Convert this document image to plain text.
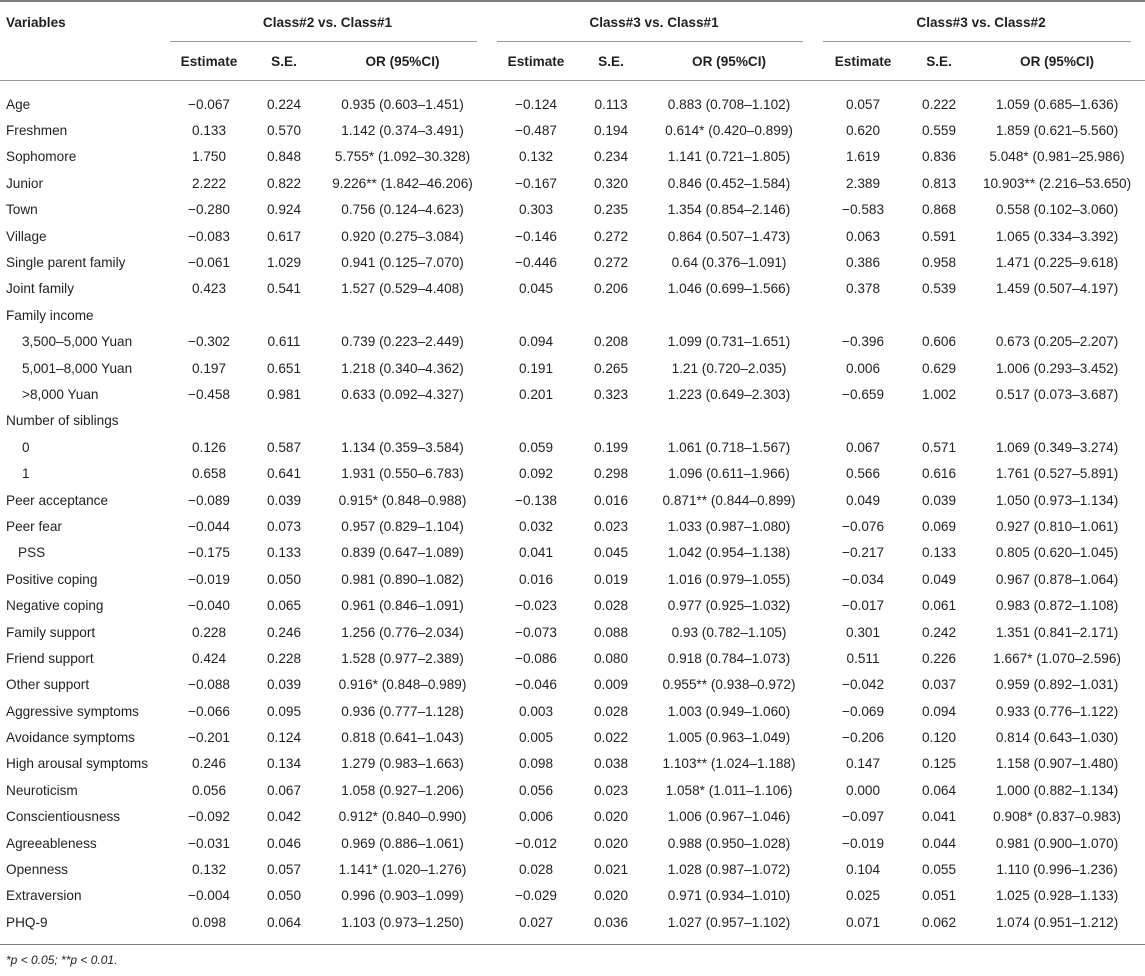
Variables	Class#2 vs. Class#1			Class#3 vs. Class#1			Class#3 vs. Class#2		

	Estimate	S.E.	OR (95%CI)	Estimate	S.E.	OR (95%CI)	Estimate	S.E.	OR (95%CI)

Age	−0.067	0.224	0.935 (0.603–1.451)	−0.124	0.113	0.883 (0.708–1.102)	0.057	0.222	1.059 (0.685–1.636)
Freshmen	0.133	0.570	1.142 (0.374–3.491)	−0.487	0.194	0.614* (0.420–0.899)	0.620	0.559	1.859 (0.621–5.560)
Sophomore	1.750	0.848	5.755* (1.092–30.328)	0.132	0.234	1.141 (0.721–1.805)	1.619	0.836	5.048* (0.981–25.986)
Junior	2.222	0.822	9.226** (1.842–46.206)	−0.167	0.320	0.846 (0.452–1.584)	2.389	0.813	10.903** (2.216–53.650)
Town	−0.280	0.924	0.756 (0.124–4.623)	0.303	0.235	1.354 (0.854–2.146)	−0.583	0.868	0.558 (0.102–3.060)
Village	−0.083	0.617	0.920 (0.275–3.084)	−0.146	0.272	0.864 (0.507–1.473)	0.063	0.591	1.065 (0.334–3.392)
Single parent family	−0.061	1.029	0.941 (0.125–7.070)	−0.446	0.272	0.64 (0.376–1.091)	0.386	0.958	1.471 (0.225–9.618)
Joint family	0.423	0.541	1.527 (0.529–4.408)	0.045	0.206	1.046 (0.699–1.566)	0.378	0.539	1.459 (0.507–4.197)
Family income									
3,500–5,000 Yuan	−0.302	0.611	0.739 (0.223–2.449)	0.094	0.208	1.099 (0.731–1.651)	−0.396	0.606	0.673 (0.205–2.207)
5,001–8,000 Yuan	0.197	0.651	1.218 (0.340–4.362)	0.191	0.265	1.21 (0.720–2.035)	0.006	0.629	1.006 (0.293–3.452)
>8,000 Yuan	−0.458	0.981	0.633 (0.092–4.327)	0.201	0.323	1.223 (0.649–2.303)	−0.659	1.002	0.517 (0.073–3.687)
Number of siblings									
0	0.126	0.587	1.134 (0.359–3.584)	0.059	0.199	1.061 (0.718–1.567)	0.067	0.571	1.069 (0.349–3.274)
1	0.658	0.641	1.931 (0.550–6.783)	0.092	0.298	1.096 (0.611–1.966)	0.566	0.616	1.761 (0.527–5.891)
Peer acceptance	−0.089	0.039	0.915* (0.848–0.988)	−0.138	0.016	0.871** (0.844–0.899)	0.049	0.039	1.050 (0.973–1.134)
Peer fear	−0.044	0.073	0.957 (0.829–1.104)	0.032	0.023	1.033 (0.987–1.080)	−0.076	0.069	0.927 (0.810–1.061)
PSS	−0.175	0.133	0.839 (0.647–1.089)	0.041	0.045	1.042 (0.954–1.138)	−0.217	0.133	0.805 (0.620–1.045)
Positive coping	−0.019	0.050	0.981 (0.890–1.082)	0.016	0.019	1.016 (0.979–1.055)	−0.034	0.049	0.967 (0.878–1.064)
Negative coping	−0.040	0.065	0.961 (0.846–1.091)	−0.023	0.028	0.977 (0.925–1.032)	−0.017	0.061	0.983 (0.872–1.108)
Family support	0.228	0.246	1.256 (0.776–2.034)	−0.073	0.088	0.93 (0.782–1.105)	0.301	0.242	1.351 (0.841–2.171)
Friend support	0.424	0.228	1.528 (0.977–2.389)	−0.086	0.080	0.918 (0.784–1.073)	0.511	0.226	1.667* (1.070–2.596)
Other support	−0.088	0.039	0.916* (0.848–0.989)	−0.046	0.009	0.955** (0.938–0.972)	−0.042	0.037	0.959 (0.892–1.031)
Aggressive symptoms	−0.066	0.095	0.936 (0.777–1.128)	0.003	0.028	1.003 (0.949–1.060)	−0.069	0.094	0.933 (0.776–1.122)
Avoidance symptoms	−0.201	0.124	0.818 (0.641–1.043)	0.005	0.022	1.005 (0.963–1.049)	−0.206	0.120	0.814 (0.643–1.030)
High arousal symptoms	0.246	0.134	1.279 (0.983–1.663)	0.098	0.038	1.103** (1.024–1.188)	0.147	0.125	1.158 (0.907–1.480)
Neuroticism	0.056	0.067	1.058 (0.927–1.206)	0.056	0.023	1.058* (1.011–1.106)	0.000	0.064	1.000 (0.882–1.134)
Conscientiousness	−0.092	0.042	0.912* (0.840–0.990)	0.006	0.020	1.006 (0.967–1.046)	−0.097	0.041	0.908* (0.837–0.983)
Agreeableness	−0.031	0.046	0.969 (0.886–1.061)	−0.012	0.020	0.988 (0.950–1.028)	−0.019	0.044	0.981 (0.900–1.070)
Openness	0.132	0.057	1.141* (1.020–1.276)	0.028	0.021	1.028 (0.987–1.072)	0.104	0.055	1.110 (0.996–1.236)
Extraversion	−0.004	0.050	0.996 (0.903–1.099)	−0.029	0.020	0.971 (0.934–1.010)	0.025	0.051	1.025 (0.928–1.133)
PHQ-9	0.098	0.064	1.103 (0.973–1.250)	0.027	0.036	1.027 (0.957–1.102)	0.071	0.062	1.074 (0.951–1.212)

*p < 0.05; **p < 0.01.
